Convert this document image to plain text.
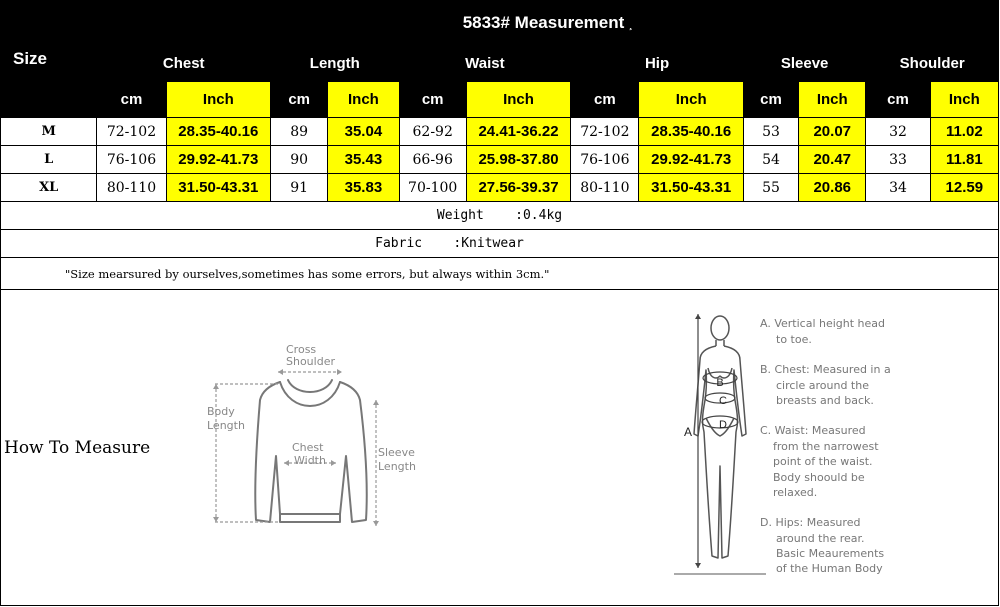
Size	5833# Measurement ¸											
	Chest		Length		Waist		Hip		Sleeve		Shoulder	
	cm	Inch	cm	Inch	cm	Inch	cm	Inch	cm	Inch	cm	Inch
M	72-102	28.35-40.16	89	35.04	62-92	24.41-36.22	72-102	28.35-40.16	53	20.07	32	11.02
L	76-106	29.92-41.73	90	35.43	66-96	25.98-37.80	76-106	29.92-41.73	54	20.47	33	11.81
XL	80-110	31.50-43.31	91	35.83	70-100	27.56-39.37	80-110	31.50-43.31	55	20.86	34	12.59
Weight    :0.4kg												
Fabric    :Knitwear												
"Size mearsured by ourselves,sometimes has some errors, but always within 3cm."												
How To Measure
Cross
Shoulder
Body
Length
Chest
Width
Sleeve
Length
A
B
C
D
A. Vertical height head
to toe.
B. Chest: Measured in a
circle around the
breasts and back.
C. Waist: Measured
from the narrowest
point of the waist.
Body shoould be
relaxed.
D. Hips: Measured
around the rear.
Basic Meaurements
of the Human Body
